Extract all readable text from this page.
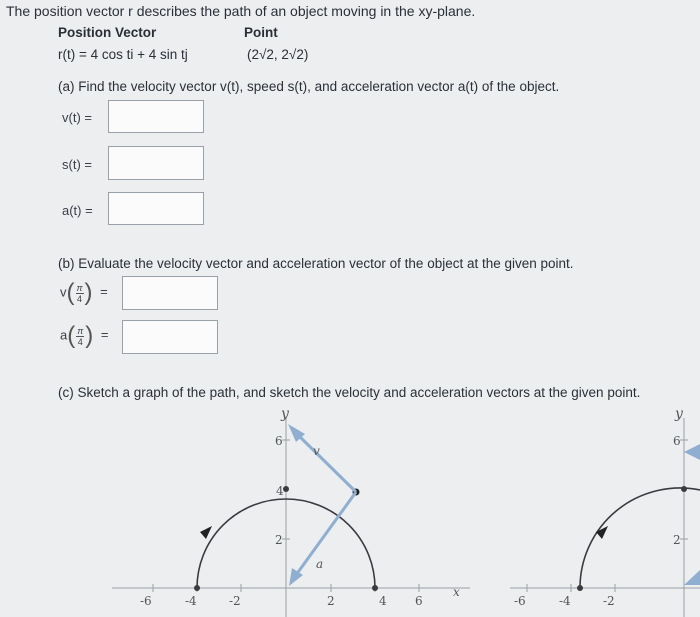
The position vector r describes the path of an object moving in the xy-plane.
Position Vector	Point
r(t) = 4 cos ti + 4 sin tj	(2√2, 2√2)
(a) Find the velocity vector v(t), speed s(t), and acceleration vector a(t) of the object.
v(t) =
s(t) =
a(t) =
(b) Evaluate the velocity vector and acceleration vector of the object at the given point.
$v( \frac{\pi}{4}$ ) =
$a( \frac{\pi}{4}$ ) =
(c) Sketch a graph of the path, and sketch the velocity and acceleration vectors at the given point.
y
x
v
a
-6	-4	-2	2	4 6
2
4
6
y
-6	-4	-2
2
6
